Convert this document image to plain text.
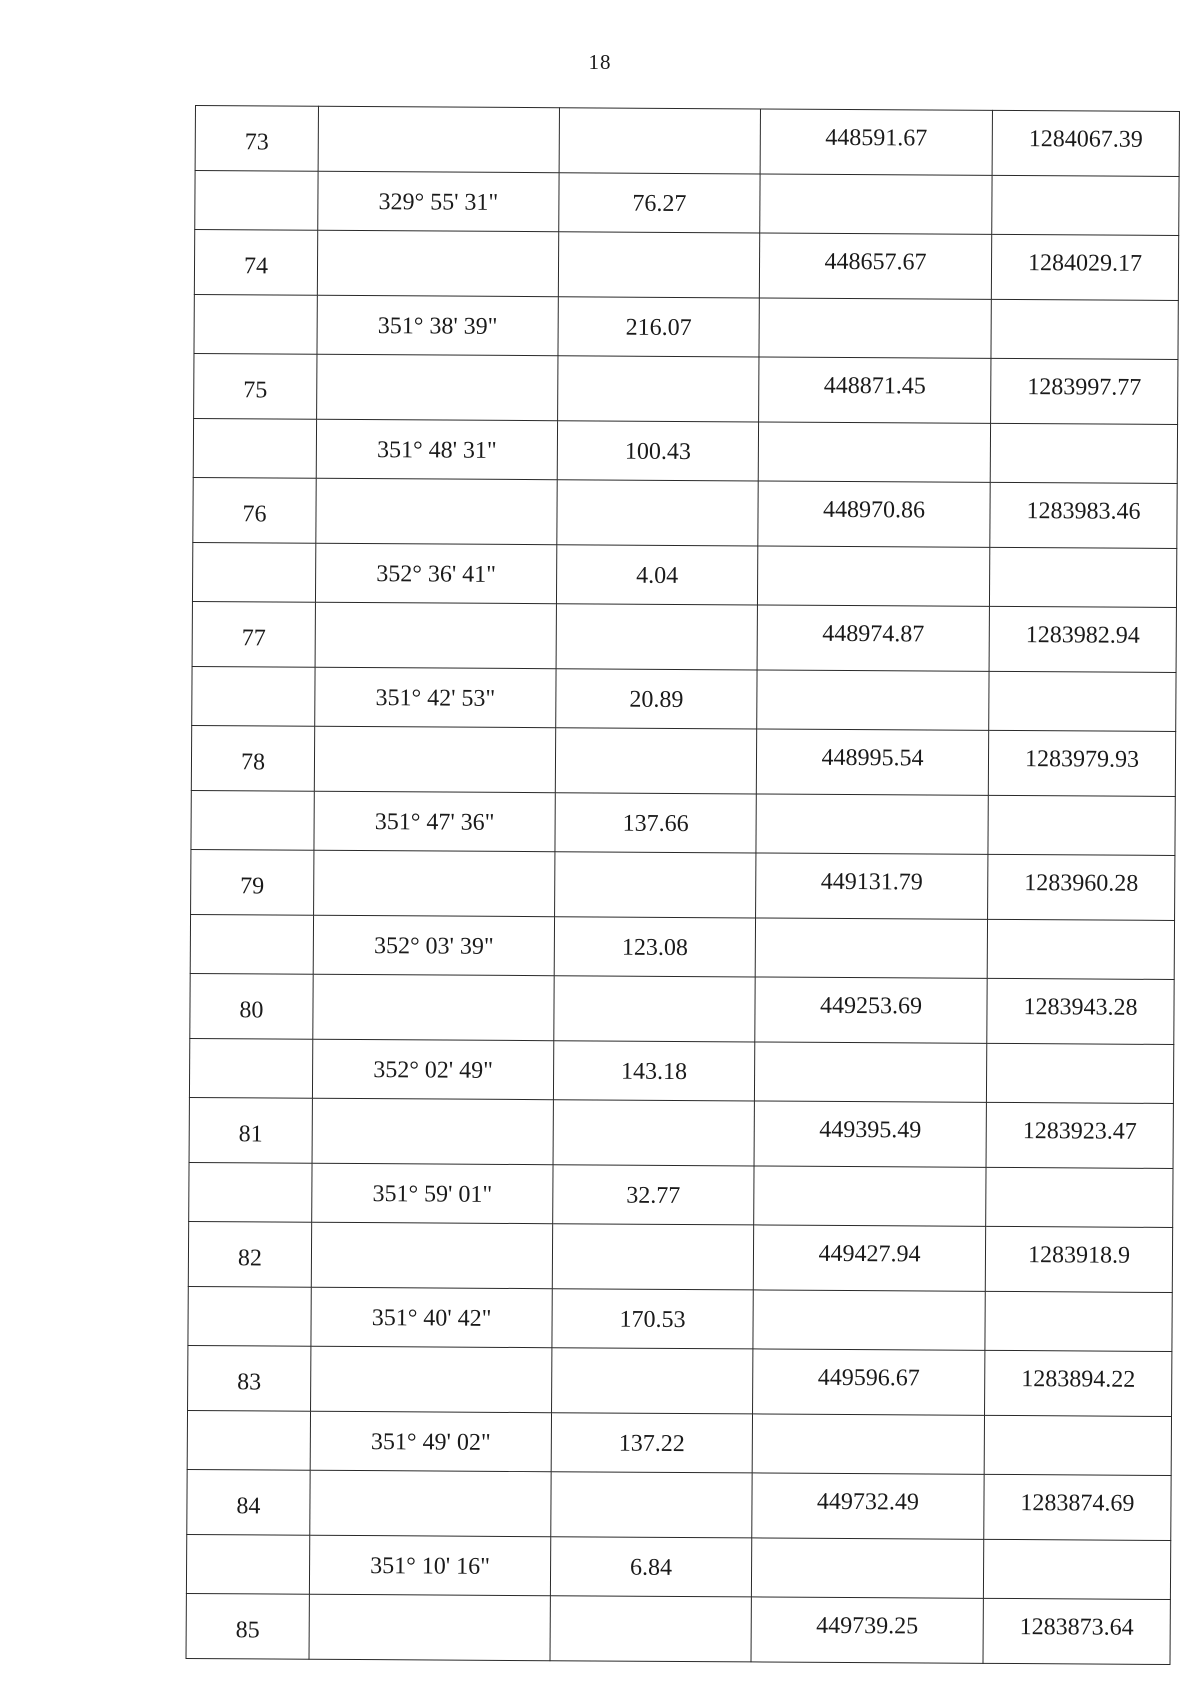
18
73			448591.67	1284067.39
	329° 55' 31"	76.27		
74			448657.67	1284029.17
	351° 38' 39"	216.07		
75			448871.45	1283997.77
	351° 48' 31"	100.43		
76			448970.86	1283983.46
	352° 36' 41"	4.04		
77			448974.87	1283982.94
	351° 42' 53"	20.89		
78			448995.54	1283979.93
	351° 47' 36"	137.66		
79			449131.79	1283960.28
	352° 03' 39"	123.08		
80			449253.69	1283943.28
	352° 02' 49"	143.18		
81			449395.49	1283923.47
	351° 59' 01"	32.77		
82			449427.94	1283918.9
	351° 40' 42"	170.53		
83			449596.67	1283894.22
	351° 49' 02"	137.22		
84			449732.49	1283874.69
	351° 10' 16"	6.84		
85			449739.25	1283873.64
